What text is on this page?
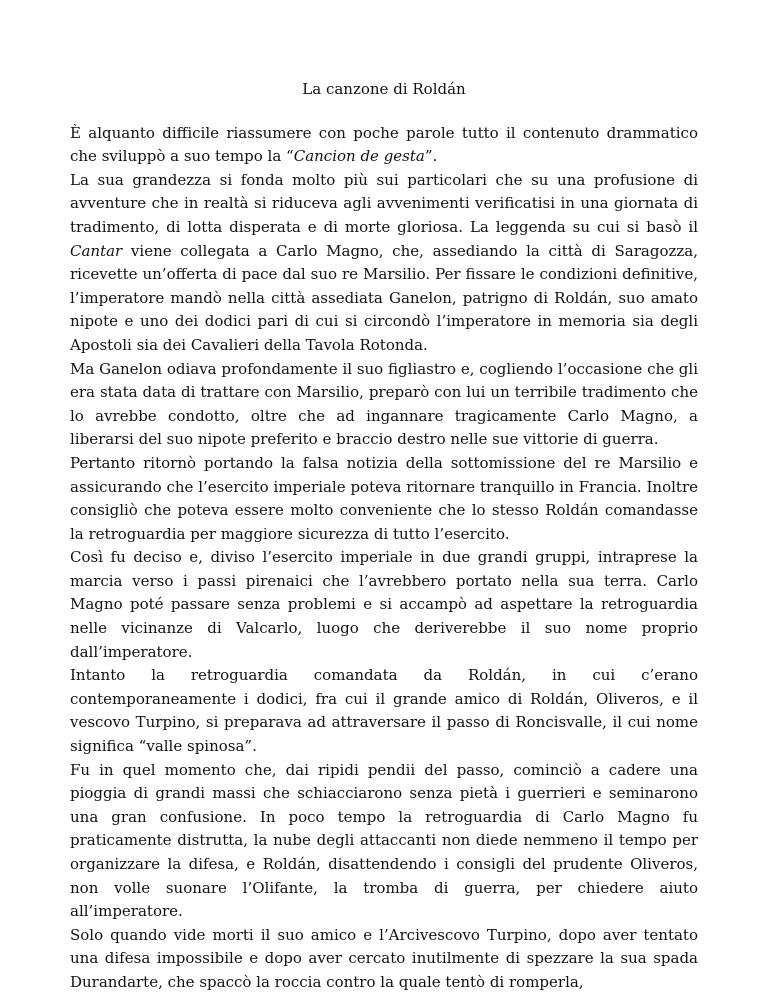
La canzone di Roldán

È alquanto difficile riassumere con poche parole tutto il contenuto drammatico che sviluppò a suo tempo la “Cancion de gesta”.

La sua grandezza si fonda molto più sui particolari che su una profusione di avventure che in realtà si riduceva agli avvenimenti verificatisi in una giornata di tradimento, di lotta disperata e di morte gloriosa. La leggenda su cui si basò il Cantar viene collegata a Carlo Magno, che, assediando la città di Saragozza, ricevette un’offerta di pace dal suo re Marsilio. Per fissare le condizioni definitive, l’imperatore mandò nella città assediata Ganelon, patrigno di Roldán, suo amato nipote e uno dei dodici pari di cui si circondò l’imperatore in memoria sia degli Apostoli sia dei Cavalieri della Tavola Rotonda.

Ma Ganelon odiava profondamente il suo figliastro e, cogliendo l’occasione che gli era stata data di trattare con Marsilio, preparò con lui un terribile tradimento che lo avrebbe condotto, oltre che ad ingannare tragicamente Carlo Magno, a liberarsi del suo nipote preferito e braccio destro nelle sue vittorie di guerra.

Pertanto ritornò portando la falsa notizia della sottomissione del re Marsilio e assicurando che l’esercito imperiale poteva ritornare tranquillo in Francia. Inoltre consigliò che poteva essere molto conveniente che lo stesso Roldán comandasse la retroguardia per maggiore sicurezza di tutto l’esercito.

Così fu deciso e, diviso l’esercito imperiale in due grandi gruppi, intraprese la marcia verso i passi pirenaici che l’avrebbero portato nella sua terra. Carlo Magno poté passare senza problemi e si accampò ad aspettare la retroguardia nelle vicinanze di Valcarlo, luogo che deriverebbe il suo nome proprio dall’imperatore.

Intanto la retroguardia comandata da Roldán, in cui c’erano contemporaneamente i dodici, fra cui il grande amico di Roldán, Oliveros, e il vescovo Turpino, si preparava ad attraversare il passo di Roncisvalle, il cui nome significa “valle spinosa”.

Fu in quel momento che, dai ripidi pendii del passo, cominciò a cadere una pioggia di grandi massi che schiacciarono senza pietà i guerrieri e seminarono una gran confusione. In poco tempo la retroguardia di Carlo Magno fu praticamente distrutta, la nube degli attaccanti non diede nemmeno il tempo per organizzare la difesa, e Roldán, disattendendo i consigli del prudente Oliveros, non volle suonare l’Olifante, la tromba di guerra, per chiedere aiuto all’imperatore.

Solo quando vide morti il suo amico e l’Arcivescovo Turpino, dopo aver tentato una difesa impossibile e dopo aver cercato inutilmente di spezzare la sua spada Durandarte, che spaccò la roccia contro la quale tentò di romperla,
